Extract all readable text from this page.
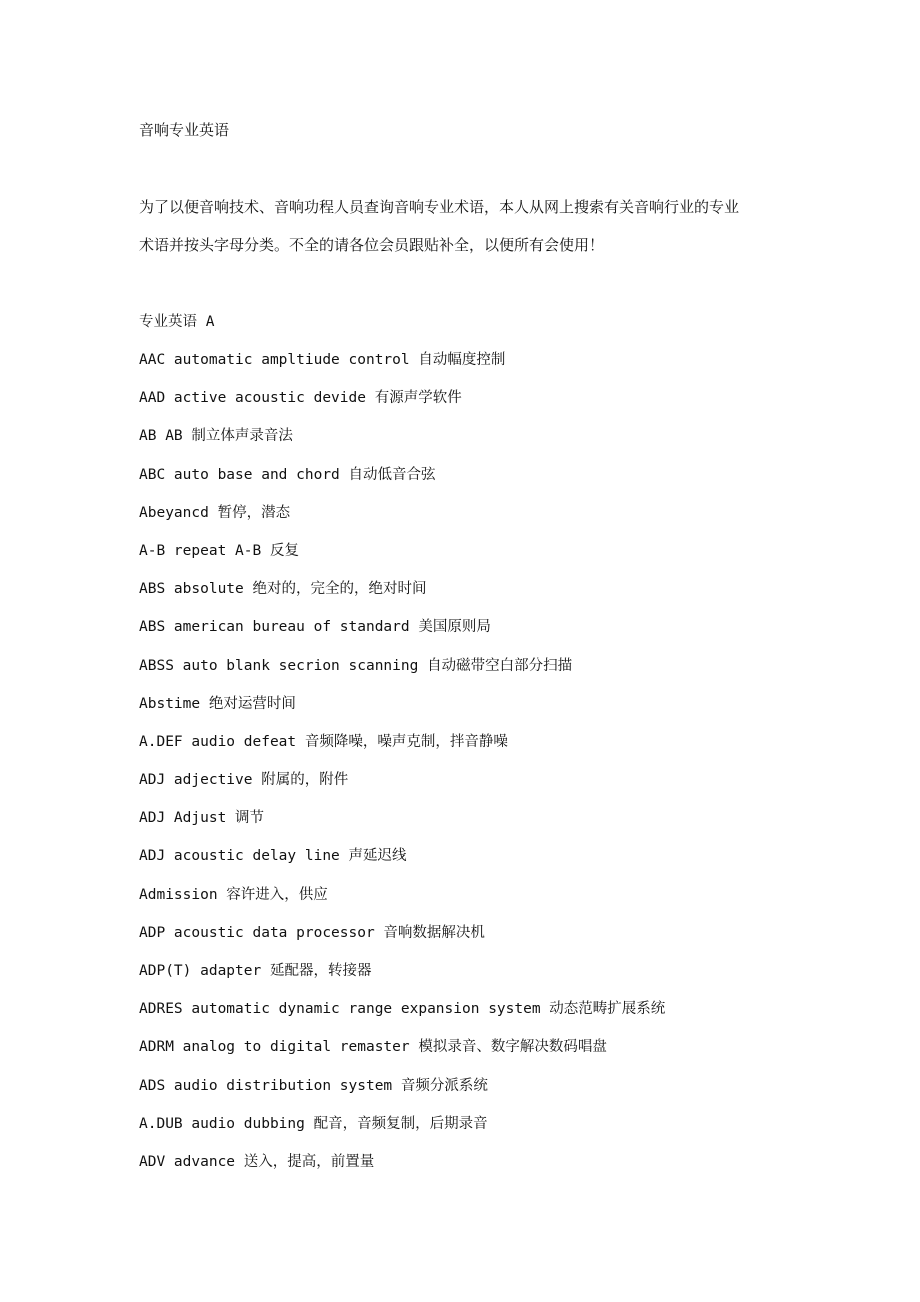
音响专业英语
为了以便音响技术、音响功程人员查询音响专业术语，本人从网上搜索有关音响行业的专业
术语并按头字母分类。不全的请各位会员跟贴补全，以便所有会使用！
专业英语 A
AAC automatic ampltiude control 自动幅度控制
AAD active acoustic devide 有源声学软件
AB AB 制立体声录音法
ABC auto base and chord 自动低音合弦
Abeyancd 暂停，潜态
A-B repeat A-B 反复
ABS absolute 绝对的，完全的，绝对时间
ABS american bureau of standard 美国原则局
ABSS auto blank secrion scanning 自动磁带空白部分扫描
Abstime 绝对运营时间
A.DEF audio defeat 音频降噪，噪声克制，拌音静噪
ADJ adjective 附属的，附件
ADJ Adjust 调节
ADJ acoustic delay line 声延迟线
Admission 容许进入，供应
ADP acoustic data processor 音响数据解决机
ADP(T) adapter 延配器，转接器
ADRES automatic dynamic range expansion system 动态范畴扩展系统
ADRM analog to digital remaster 模拟录音、数字解决数码唱盘
ADS audio distribution system 音频分派系统
A.DUB audio dubbing 配音，音频复制，后期录音
ADV advance 送入，提高，前置量
